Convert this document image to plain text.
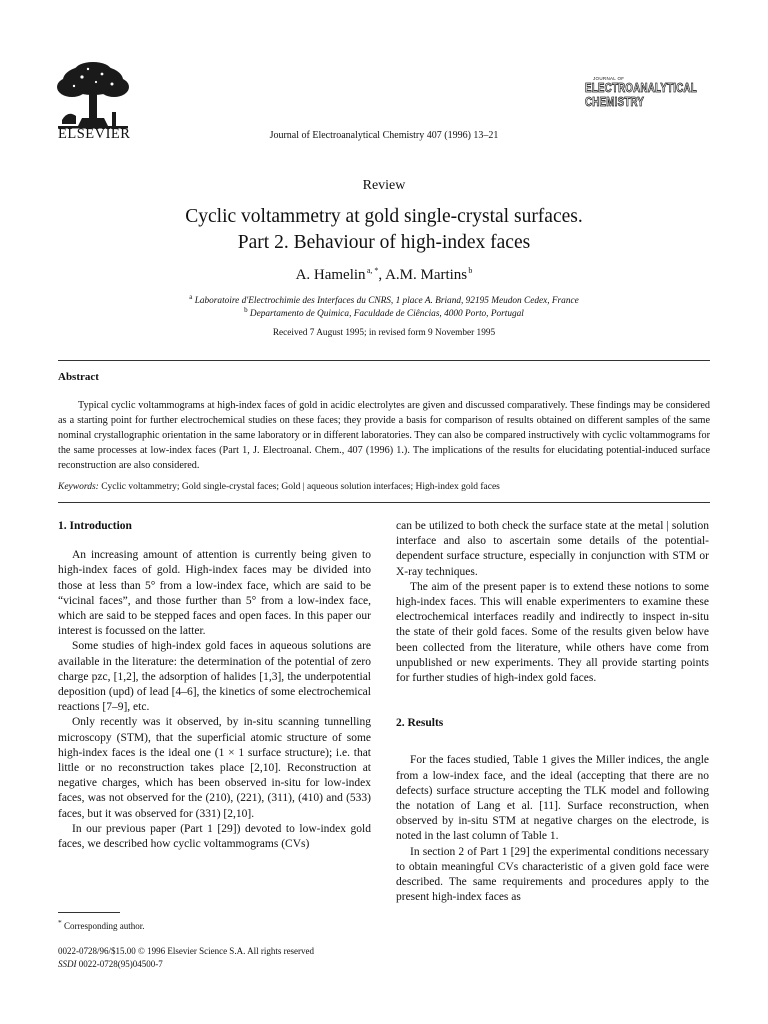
ELSEVIER	Journal of Electroanalytical Chemistry 407 (1996) 13–21
JOURNAL OF
ELECTROANALYTICAL
CHEMISTRY
Review
Cyclic voltammetry at gold single-crystal surfaces.
Part 2. Behaviour of high-index faces
A. Hamelin $^{a, *}$, A.M. Martins $^b$
$^a$ Laboratoire d'Electrochimie des Interfaces du CNRS, 1 place A. Briand, 92195 Meudon Cedex, France
$^b$ Departamento de Quimica, Faculdade de Ciências, 4000 Porto, Portugal
Received 7 August 1995; in revised form 9 November 1995
Abstract

Typical cyclic voltammograms at high-index faces of gold in acidic electrolytes are given and discussed comparatively. These findings may be considered as a starting point for further electrochemical studies on these faces; they provide a basis for comparison of results obtained on different samples of the same nominal crystallographic orientation in the same laboratory or in different laboratories. They can also be compared instructively with cyclic voltammograms for the same processes at low-index faces (Part 1, J. Electroanal. Chem., 407 (1996) 1.). The implications of the results for elucidating potential-induced surface reconstruction are also considered.

Keywords: Cyclic voltammetry; Gold single-crystal faces; Gold | aqueous solution interfaces; High-index gold faces
1. Introduction

An increasing amount of attention is currently being given to high-index faces of gold. High-index faces may be divided into those at less than 5° from a low-index face, which are said to be “vicinal faces”, and those further than 5° from a low-index face, which are said to be stepped faces and open faces. In this paper our interest is focussed on the latter.

Some studies of high-index gold faces in aqueous solutions are available in the literature: the determination of the potential of zero charge pzc, [1,2], the adsorption of halides [1,3], the underpotential deposition (upd) of lead [4–6], the kinetics of some electrochemical reactions [7–9], etc.

Only recently was it observed, by in-situ scanning tunnelling microscopy (STM), that the superficial atomic structure of some high-index faces is the ideal one (1 × 1 surface structure); i.e. that little or no reconstruction takes place [2,10]. Reconstruction at negative charges, which has been observed in-situ for low-index faces, was not observed for the (210), (221), (311), (410) and (533) faces, but it was observed for (331) [2,10].

In our previous paper (Part 1 [29]) devoted to low-index gold faces, we described how cyclic voltammograms (CVs)

can be utilized to both check the surface state at the metal | solution interface and also to ascertain some details of the potential-dependent surface structure, especially in conjunction with STM or X-ray techniques.

The aim of the present paper is to extend these notions to some high-index faces. This will enable experimenters to examine these electrochemical interfaces readily and indirectly to inspect in-situ the state of their gold faces. Some of the results given below have been collected from the literature, while others have come from unpublished or new experiments. They all provide starting points for further studies of high-index gold faces.

2. Results

For the faces studied, Table 1 gives the Miller indices, the angle from a low-index face, and the ideal (accepting that there are no defects) surface structure accepting the TLK model and following the notation of Lang et al. [11]. Surface reconstruction, when observed by in-situ STM at negative charges on the electrode, is noted in the last column of Table 1.

In section 2 of Part 1 [29] the experimental conditions necessary to obtain meaningful CVs characteristic of a given gold face were described. The same requirements and procedures apply to the present high-index faces as

* Corresponding author.
0022-0728/96/$15.00 © 1996 Elsevier Science S.A. All rights reserved
SSDI 0022-0728(95)04500-7
